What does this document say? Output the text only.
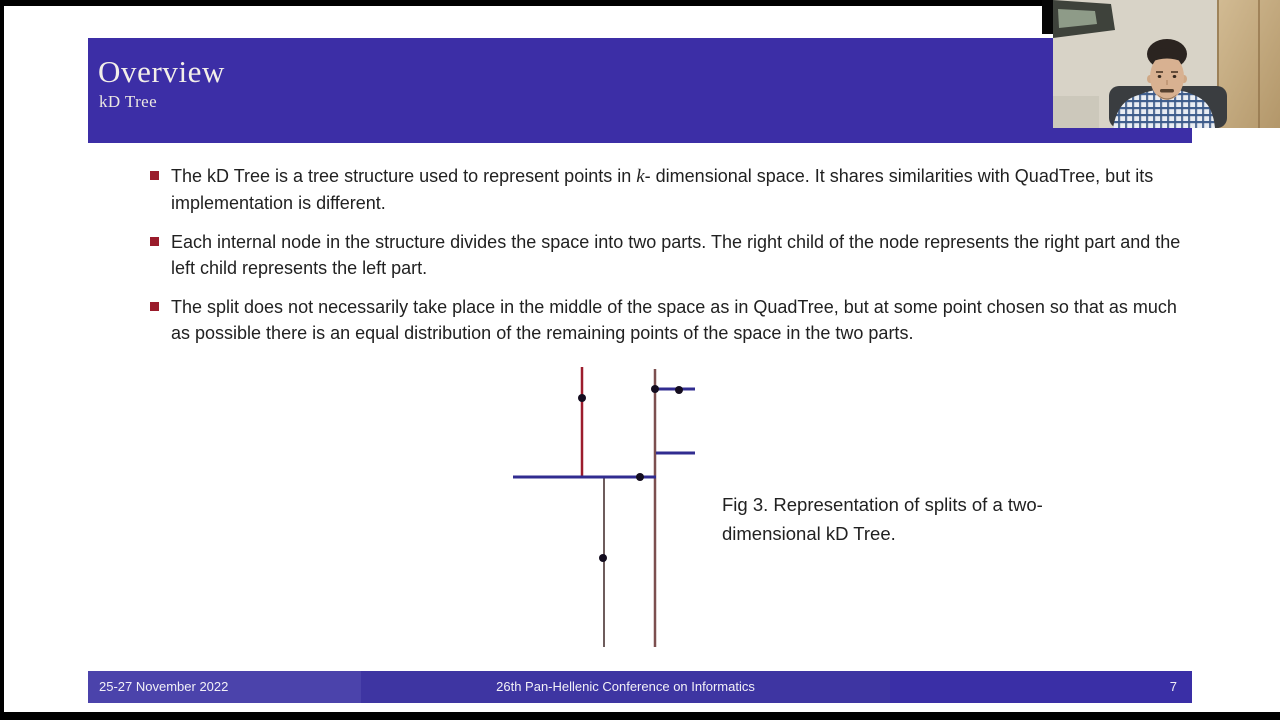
Overview
kD Tree
The kD Tree is a tree structure used to represent points in k- dimensional space. It shares similarities with QuadTree, but its implementation is different.
Each internal node in the structure divides the space into two parts. The right child of the node represents the right part and the left child represents the left part.
The split does not necessarily take place in the middle of the space as in QuadTree, but at some point chosen so that as much as possible there is an equal distribution of the remaining points of the space in the two parts.
Fig 3. Representation of splits of a two-
dimensional kD Tree.
25-27 November 2022	26th Pan-Hellenic Conference on Informatics	7
